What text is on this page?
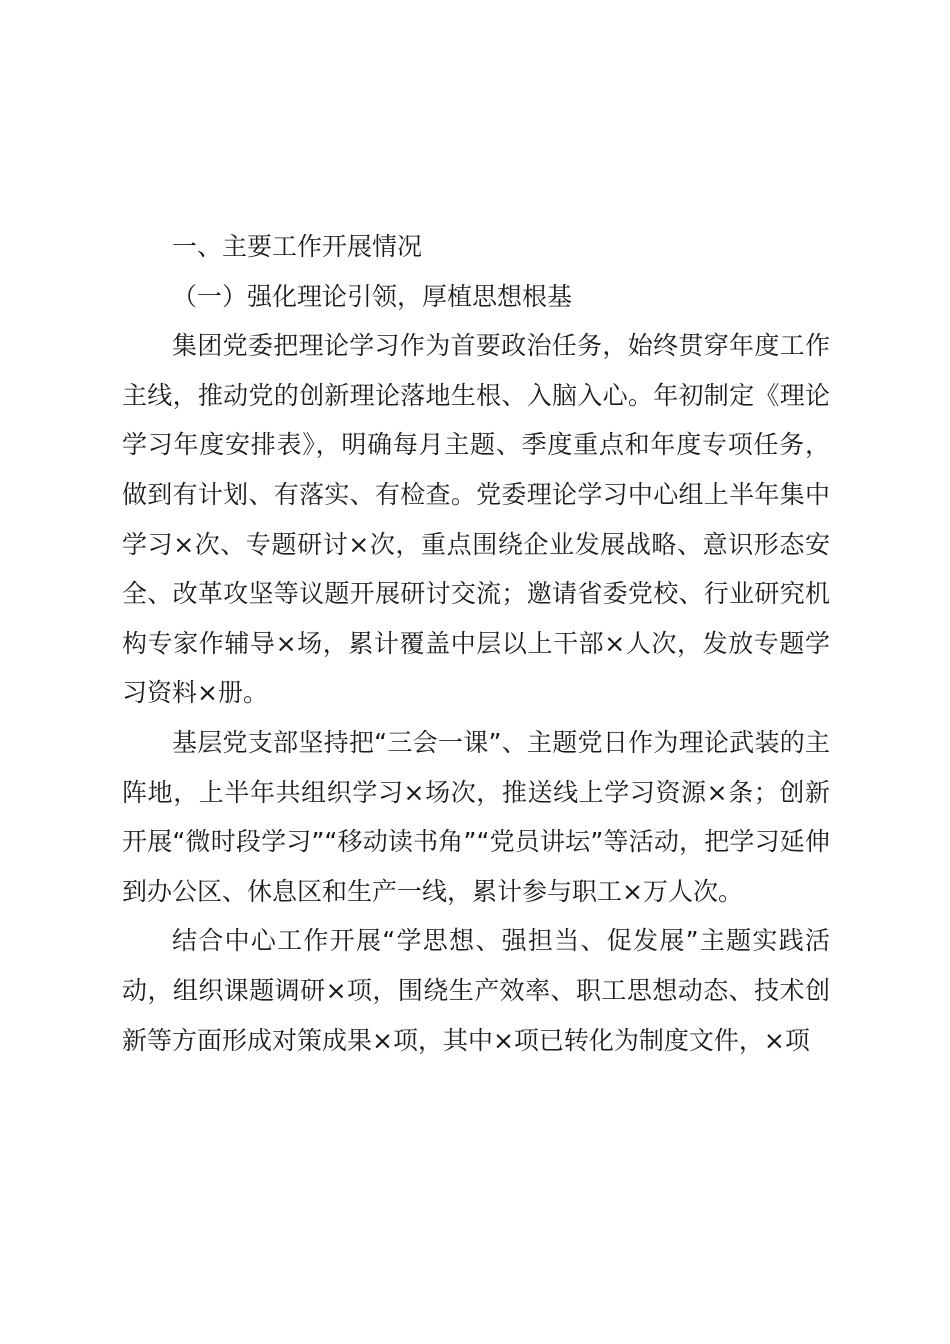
一、主要工作开展情况

（一）强化理论引领，厚植思想根基

集团党委把理论学习作为首要政治任务，始终贯穿年度工作主线，推动党的创新理论落地生根、入脑入心。年初制定《理论学习年度安排表》，明确每月主题、季度重点和年度专项任务，做到有计划、有落实、有检查。党委理论学习中心组上半年集中学习×次、专题研讨×次，重点围绕企业发展战略、意识形态安全、改革攻坚等议题开展研讨交流；邀请省委党校、行业研究机构专家作辅导×场，累计覆盖中层以上干部×人次，发放专题学习资料×册。

基层党支部坚持把“三会一课”、主题党日作为理论武装的主阵地，上半年共组织学习×场次，推送线上学习资源×条；创新开展“微时段学习”“移动读书角”“党员讲坛”等活动，把学习延伸到办公区、休息区和生产一线，累计参与职工×万人次。

结合中心工作开展“学思想、强担当、促发展”主题实践活动，组织课题调研×项，围绕生产效率、职工思想动态、技术创新等方面形成对策成果×项，其中×项已转化为制度文件，×项
